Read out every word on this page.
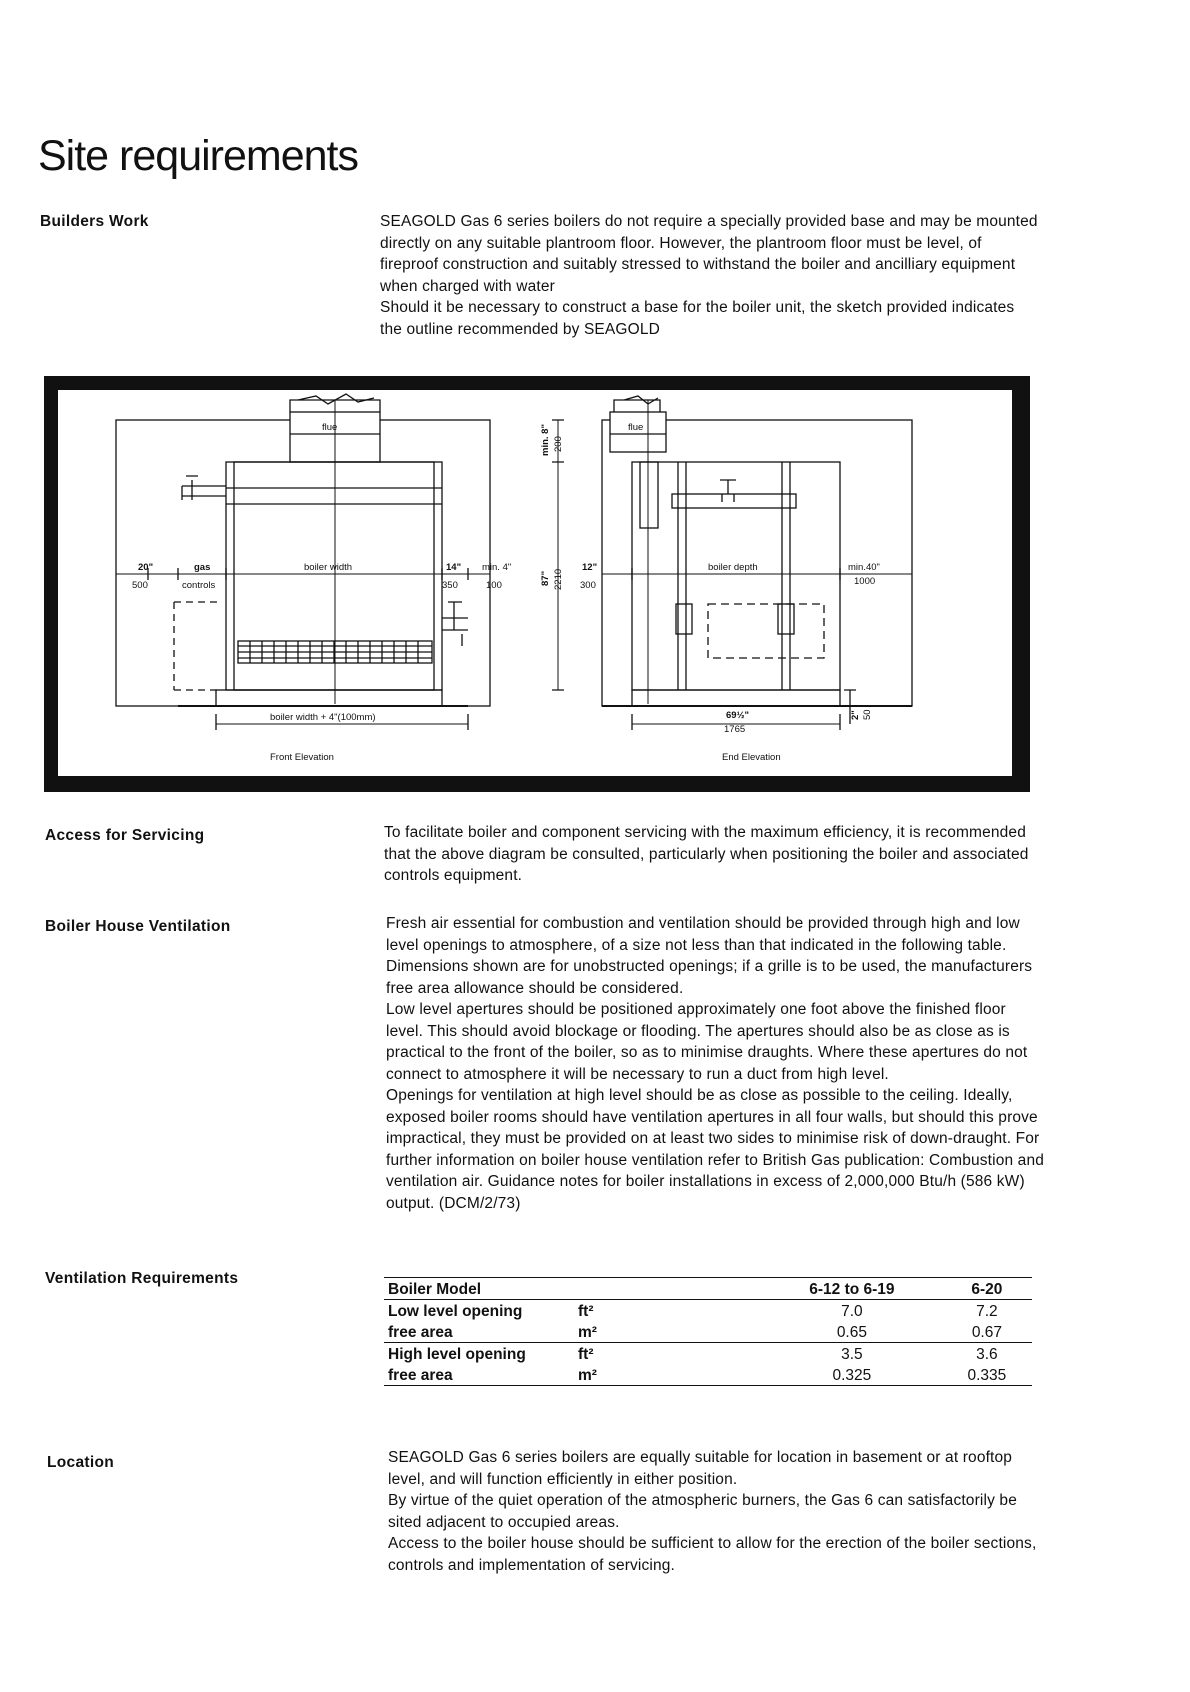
Site requirements
Builders Work	SEAGOLD Gas 6 series boilers do not require a specially provided base and may be mounted directly on any suitable plantroom floor. However, the plantroom floor must be level, of fireproof construction and suitably stressed to withstand the boiler and ancilliary equipment when charged with water

Should it be necessary to construct a base for the boiler unit, the sketch provided indicates the outline recommended by SEAGOLD

flue
boiler width
20"
500
gas
controls
14"
350
min. 4"
100
boiler width + 4"(100mm)
Front Elevation
flue
boiler depth
12"
300
min.40"
1000
69½"
1765
End Elevation
min. 8" 200
87" 2210
2" 50
Access for Servicing	To facilitate boiler and component servicing with the maximum efficiency, it is recommended that the above diagram be consulted, particularly when positioning the boiler and associated controls equipment.

Boiler House Ventilation	Fresh air essential for combustion and ventilation should be provided through high and low level openings to atmosphere, of a size not less than that indicated in the following table. Dimensions shown are for unobstructed openings; if a grille is to be used, the manufacturers free area allowance should be considered.

Low level apertures should be positioned approximately one foot above the finished floor level. This should avoid blockage or flooding. The apertures should also be as close as is practical to the front of the boiler, so as to minimise draughts. Where these apertures do not connect to atmosphere it will be necessary to run a duct from high level.

Openings for ventilation at high level should be as close as possible to the ceiling. Ideally, exposed boiler rooms should have ventilation apertures in all four walls, but should this prove impractical, they must be provided on at least two sides to minimise risk of down-draught. For further information on boiler house ventilation refer to British Gas publication: Combustion and ventilation air. Guidance notes for boiler installations in excess of 2,000,000 Btu/h (586 kW) output. (DCM/2/73)

Ventilation Requirements
Boiler Model		6-12 to 6-19	6-20
Low level opening	ft²	7.0	7.2
free area	m²	0.65	0.67
High level opening	ft²	3.5	3.6
free area	m²	0.325	0.335
Location	SEAGOLD Gas 6 series boilers are equally suitable for location in basement or at rooftop level, and will function efficiently in either position.

By virtue of the quiet operation of the atmospheric burners, the Gas 6 can satisfactorily be sited adjacent to occupied areas.

Access to the boiler house should be sufficient to allow for the erection of the boiler sections, controls and implementation of servicing.
